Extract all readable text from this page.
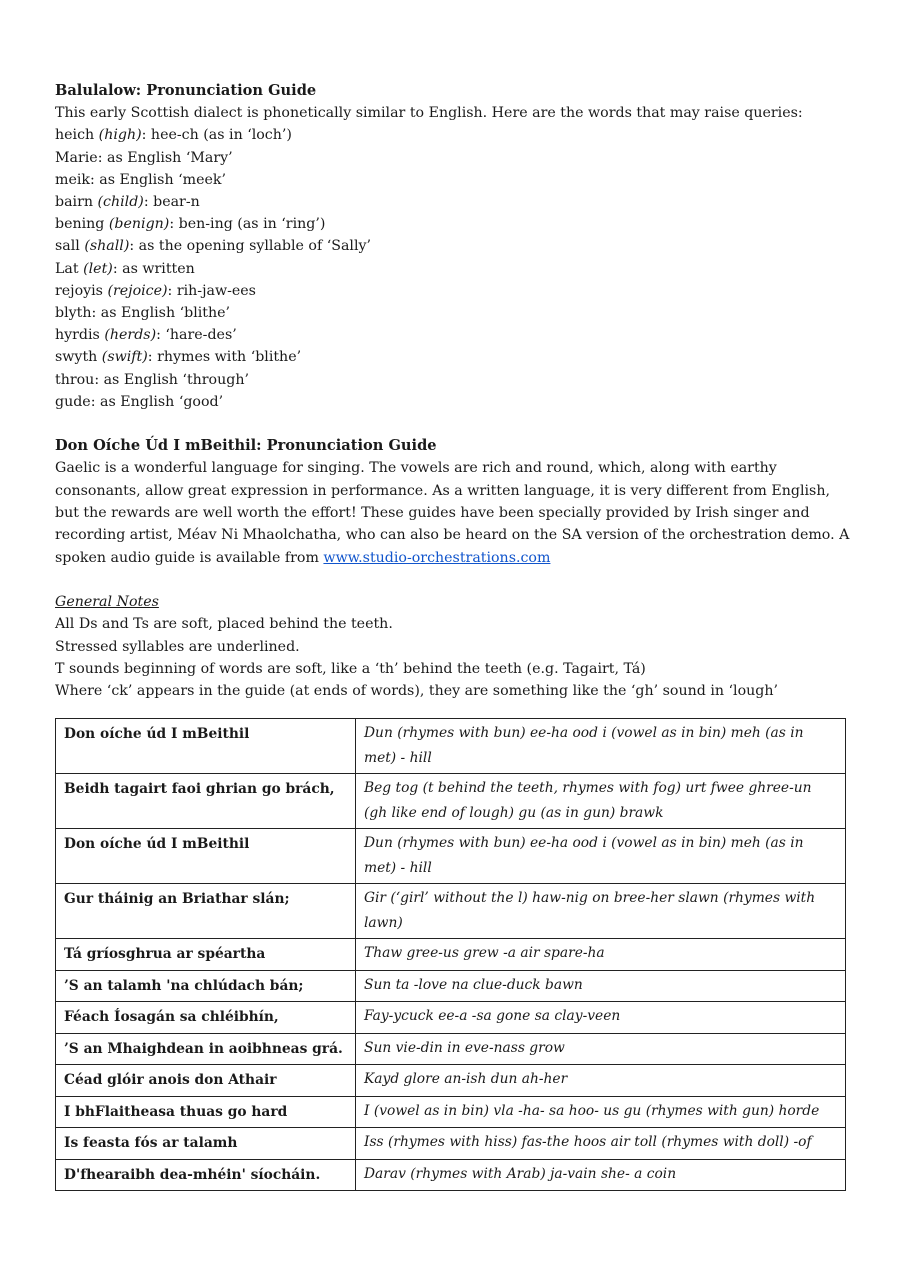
Balulalow: Pronunciation Guide
This early Scottish dialect is phonetically similar to English. Here are the words that may raise queries:
heich (high): hee-ch (as in ‘loch’)
Marie: as English ‘Mary’
meik: as English ‘meek’
bairn (child): bear-n
bening (benign): ben-ing (as in ‘ring’)
sall (shall): as the opening syllable of ‘Sally’
Lat (let): as written
rejoyis (rejoice): rih-jaw-ees
blyth: as English ‘blithe’
hyrdis (herds): ‘hare-des’
swyth (swift): rhymes with ‘blithe’
throu: as English ‘through’
gude: as English ‘good’
Don Oíche Úd I mBeithil: Pronunciation Guide
Gaelic is a wonderful language for singing. The vowels are rich and round, which, along with earthy consonants, allow great expression in performance. As a written language, it is very different from English, but the rewards are well worth the effort! These guides have been specially provided by Irish singer and recording artist, Méav Ni Mhaolchatha, who can also be heard on the SA version of the orchestration demo. A spoken audio guide is available from www.studio-orchestrations.com
General Notes
All Ds and Ts are soft, placed behind the teeth.
Stressed syllables are underlined.
T sounds beginning of words are soft, like a ‘th’ behind the teeth (e.g. Tagairt, Tá)
Where ‘ck’ appears in the guide (at ends of words), they are something like the ‘gh’ sound in ‘lough’
Don oíche úd I mBeithil	Dun (rhymes with bun) ee-ha ood i (vowel as in bin) meh (as in met) - hill
Beidh tagairt faoi ghrian go brách,	Beg tog (t behind the teeth, rhymes with fog) urt fwee ghree-un (gh like end of lough) gu (as in gun) brawk
Don oíche úd I mBeithil	Dun (rhymes with bun) ee-ha ood i (vowel as in bin) meh (as in met) - hill
Gur tháinig an Briathar slán;	Gir (‘girl’ without the l) haw-nig on bree-her slawn (rhymes with lawn)
Tá gríosghrua ar spéartha	Thaw gree-us grew -a air spare-ha
’S an talamh 'na chlúdach bán;	Sun ta -love na clue-duck bawn
Féach Íosagán sa chléibhín,	Fay-ycuck ee-a -sa gone sa clay-veen
’S an Mhaighdean in aoibhneas grá.	Sun vie-din in eve-nass grow
Céad glóir anois don Athair	Kayd glore an-ish dun ah-her
I bhFlaitheasa thuas go hard	I (vowel as in bin) vla -ha- sa hoo- us gu (rhymes with gun) horde
Is feasta fós ar talamh	Iss (rhymes with hiss) fas-the hoos air toll (rhymes with doll) -of
D'fhearaibh dea-mhéin' síocháin.	Darav (rhymes with Arab) ja-vain she- a coin
